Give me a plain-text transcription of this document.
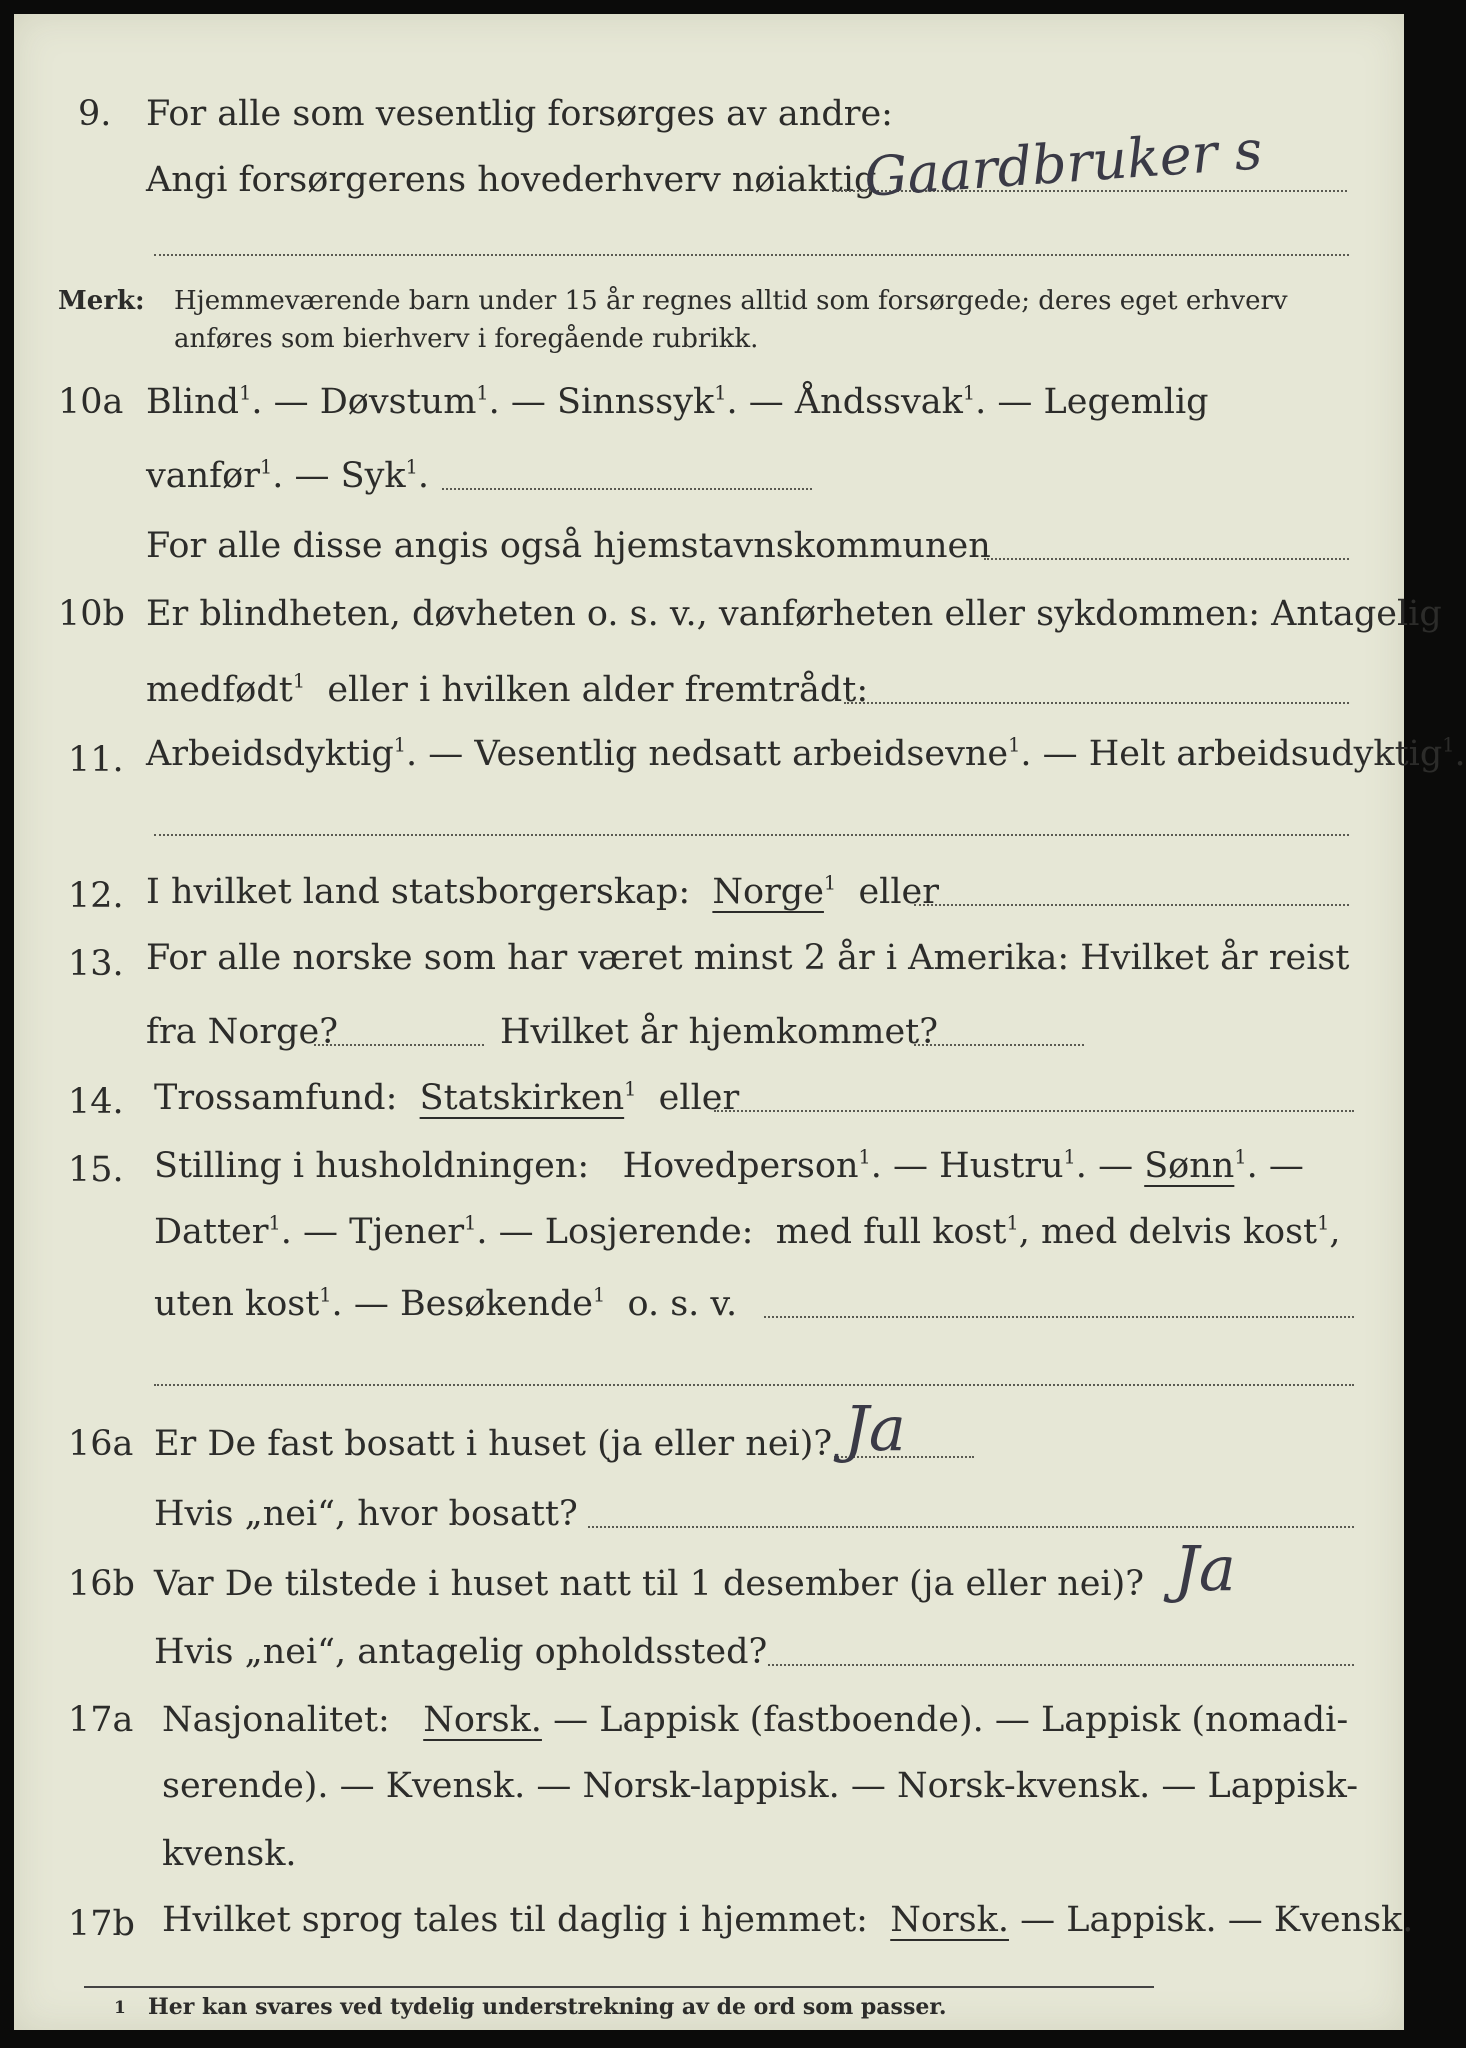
9. For alle som vesentlig forsørges av andre:
Angi forsørgerens hovederhverv nøiaktig
Gaardbruker s
Merk: Hjemmeværende barn under 15 år regnes alltid som forsørgede; deres eget erhverv
anføres som bierhverv i foregående rubrikk.
10a Blind$^1$. — Døvstum$^1$. — Sinnssyk$^1$. — Åndssvak$^1$. — Legemlig
vanfør$^1$. — Syk$^1$.
For alle disse angis også hjemstavnskommunen
10b Er blindheten, døvheten o. s. v., vanførheten eller sykdommen: Antagelig
medfødt$^1$ eller i hvilken alder fremtrådt:
11. Arbeidsdyktig$^1$. — Vesentlig nedsatt arbeidsevne$^1$. — Helt arbeidsudyktig$^1$.
12. I hvilket land statsborgerskap: Norge$^1$ eller
13. For alle norske som har været minst 2 år i Amerika: Hvilket år reist
fra Norge?	Hvilket år hjemkommet?
14. Trossamfund: Statskirken$^1$ eller
15. Stilling i husholdningen: Hovedperson$^1$. — Hustru$^1$. — Sønn$^1$. —
Datter$^1$. — Tjener$^1$. — Losjerende: med full kost$^1$, med delvis kost$^1$,
uten kost$^1$. — Besøkende$^1$ o. s. v.
16a Er De fast bosatt i huset (ja eller nei)? Ja
Hvis „nei“, hvor bosatt?
16b Var De tilstede i huset natt til 1 desember (ja eller nei)? Ja
Hvis „nei“, antagelig opholdssted?
17a Nasjonalitet: Norsk. — Lappisk (fastboende). — Lappisk (nomadi-
serende). — Kvensk. — Norsk-lappisk. — Norsk-kvensk. — Lappisk-
kvensk.
17b Hvilket sprog tales til daglig i hjemmet: Norsk. — Lappisk. — Kvensk.
1 Her kan svares ved tydelig understrekning av de ord som passer.
